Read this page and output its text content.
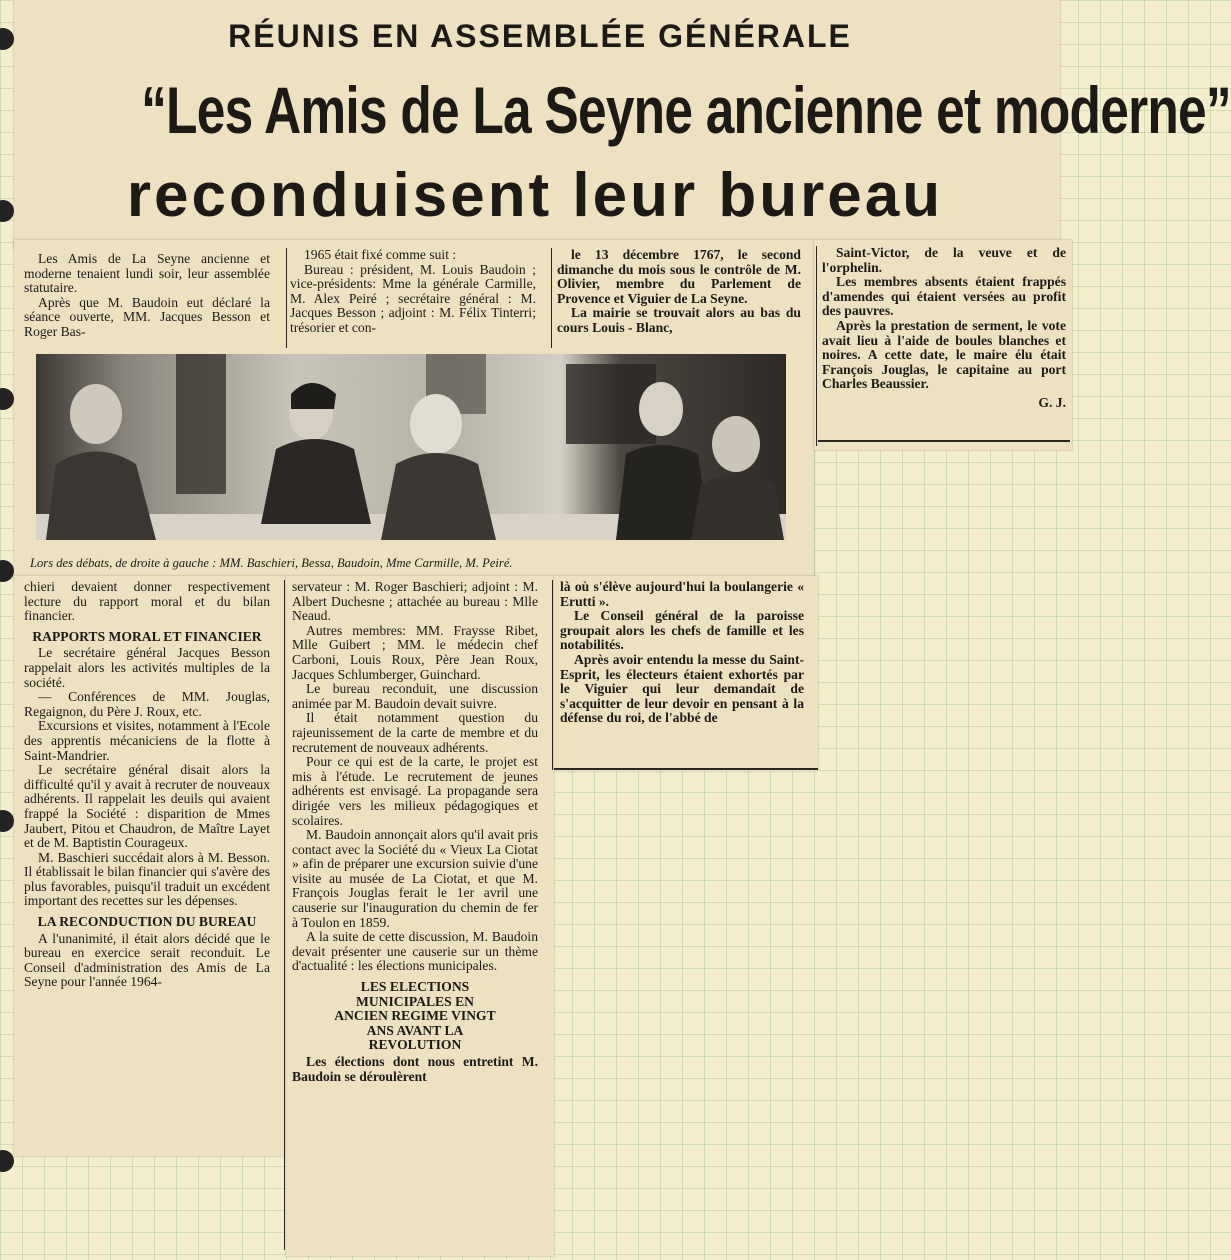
RÉUNIS EN ASSEMBLÉE GÉNÉRALE
“Les Amis de La Seyne ancienne et moderne”
reconduisent leur bureau

Les Amis de La Seyne ancienne et moderne tenaient lundi soir, leur assemblée statutaire.

Après que M. Baudoin eut déclaré la séance ouverte, MM. Jacques Besson et Roger Bas-

1965 était fixé comme suit :

Bureau : président, M. Louis Baudoin ; vice-présidents: Mme la générale Carmille, M. Alex Peiré ; secrétaire général : M. Jacques Besson ; adjoint : M. Félix Tinterri; trésorier et con-

le 13 décembre 1767, le second dimanche du mois sous le contrôle de M. Olivier, membre du Parlement de Provence et Viguier de La Seyne.

La mairie se trouvait alors au bas du cours Louis - Blanc,

Saint-Victor, de la veuve et de l'orphelin.

Les membres absents étaient frappés d'amendes qui étaient versées au profit des pauvres.

Après la prestation de serment, le vote avait lieu à l'aide de boules blanches et noires. A cette date, le maire élu était François Jouglas, le capitaine au port Charles Beaussier.

G. J.
Lors des débats, de droite à gauche : MM. Baschieri, Bessa, Baudoin, Mme Carmille, M. Peiré.

chieri devaient donner respectivement lecture du rapport moral et du bilan financier.

RAPPORTS MORAL ET FINANCIER

Le secrétaire général Jacques Besson rappelait alors les activités multiples de la société.

— Conférences de MM. Jouglas, Regaignon, du Père J. Roux, etc.

Excursions et visites, notamment à l'Ecole des apprentis mécaniciens de la flotte à Saint-Mandrier.

Le secrétaire général disait alors la difficulté qu'il y avait à recruter de nouveaux adhérents. Il rappelait les deuils qui avaient frappé la Société : disparition de Mmes Jaubert, Pitou et Chaudron, de Maître Layet et de M. Baptistin Courageux.

M. Baschieri succédait alors à M. Besson. Il établissait le bilan financier qui s'avère des plus favorables, puisqu'il traduit un excédent important des recettes sur les dépenses.

LA RECONDUCTION DU BUREAU

A l'unanimité, il était alors décidé que le bureau en exercice serait reconduit. Le Conseil d'administration des Amis de La Seyne pour l'année 1964-

servateur : M. Roger Baschieri; adjoint : M. Albert Duchesne ; attachée au bureau : Mlle Neaud.

Autres membres: MM. Fraysse Ribet, Mlle Guibert ; MM. le médecin chef Carboni, Louis Roux, Père Jean Roux, Jacques Schlumberger, Guinchard.

Le bureau reconduit, une discussion animée par M. Baudoin devait suivre.

Il était notamment question du rajeunissement de la carte de membre et du recrutement de nouveaux adhérents.

Pour ce qui est de la carte, le projet est mis à l'étude. Le recrutement de jeunes adhérents est envisagé. La propagande sera dirigée vers les milieux pédagogiques et scolaires.

M. Baudoin annonçait alors qu'il avait pris contact avec la Société du « Vieux La Ciotat » afin de préparer une excursion suivie d'une visite au musée de La Ciotat, et que M. François Jouglas ferait le 1er avril une causerie sur l'inauguration du chemin de fer à Toulon en 1859.

A la suite de cette discussion, M. Baudoin devait présenter une causerie sur un thème d'actualité : les élections municipales.

LES ELECTIONS MUNICIPALES EN ANCIEN REGIME VINGT ANS AVANT LA REVOLUTION

Les élections dont nous entretint M. Baudoin se déroulèrent

là où s'élève aujourd'hui la boulangerie « Erutti ».

Le Conseil général de la paroisse groupait alors les chefs de famille et les notabilités.

Après avoir entendu la messe du Saint-Esprit, les électeurs étaient exhortés par le Viguier qui leur demandait de s'acquitter de leur devoir en pensant à la défense du roi, de l'abbé de
